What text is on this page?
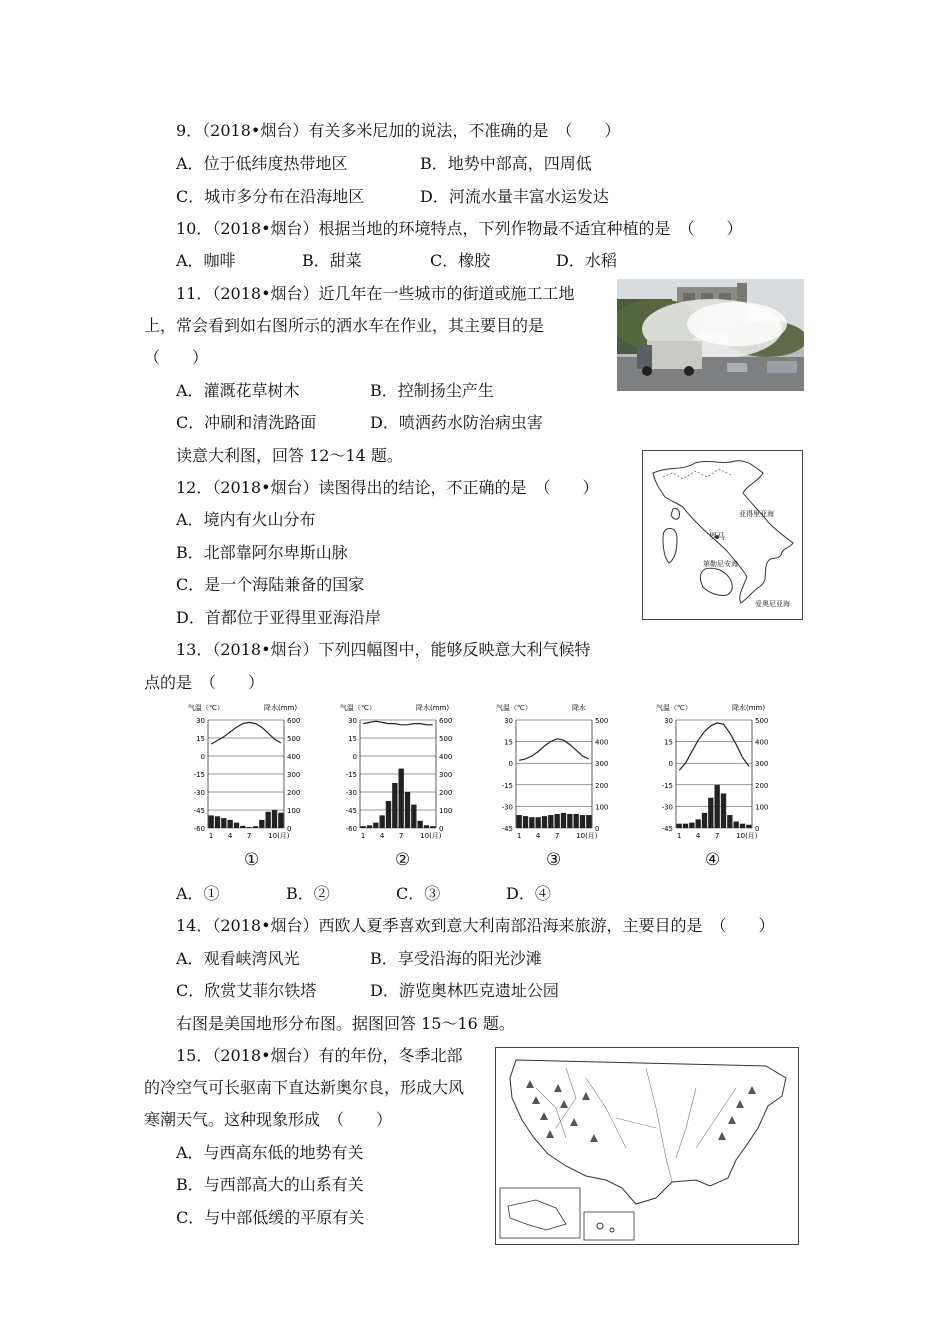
9．（2018•烟台）有关多米尼加的说法，不准确的是　（　　）
A．位于低纬度热带地区	B．地势中部高，四周低
C．城市多分布在沿海地区	D．河流水量丰富水运发达
10．（2018•烟台）根据当地的环境特点，下列作物最不适宜种植的是　（　　）
A．咖啡	B．甜菜	C．橡胶	D．水稻
11．（2018•烟台）近几年在一些城市的街道或施工工地
上，常会看到如右图所示的洒水车在作业，其主要目的是
（　　）
A．灌溉花草树木	B．控制扬尘产生
C．冲刷和清洗路面	D．喷洒药水防治病虫害
读意大利图，回答 12～14 题。
12．（2018•烟台）读图得出的结论，不正确的是　（　　）
A．境内有火山分布
B．北部靠阿尔卑斯山脉
C．是一个海陆兼备的国家
D．首都位于亚得里亚海沿岸
罗马
亚得里亚海
第勒尼安海
爱奥尼亚海
13．（2018•烟台）下列四幅图中，能够反映意大利气候特
点的是　（　　）
气温（℃）	降水(mm)
30
15
0
-15
-30
-45
-60
600
500
400
300
200
100
0
1 4 7 10(月)
气温（℃）	降水(mm)
30
15
0
-15
-30
-45
-60
600
500
400
300
200
100
0
1 4 7 10(月)
气温（℃）	降水
30
15
0
-15
-30
-45
500
400
300
200
100
0
1 4 7 10(月)
气温（℃）	降水(mm)
30
15
0
-15
-30
-45
500
400
300
200
100
0
1 4 7 10(月)
①	②	③	④
A．①	B．②	C．③	D．④
14．（2018•烟台）西欧人夏季喜欢到意大利南部沿海来旅游，主要目的是　（　　）
A．观看峡湾风光	B．享受沿海的阳光沙滩
C．欣赏艾菲尔铁塔	D．游览奥林匹克遗址公园
右图是美国地形分布图。据图回答 15～16 题。
15．（2018•烟台）有的年份，冬季北部
的冷空气可长驱南下直达新奥尔良，形成大风
寒潮天气。这种现象形成　（　　）
A．与西高东低的地势有关
B．与西部高大的山系有关
C．与中部低缓的平原有关
